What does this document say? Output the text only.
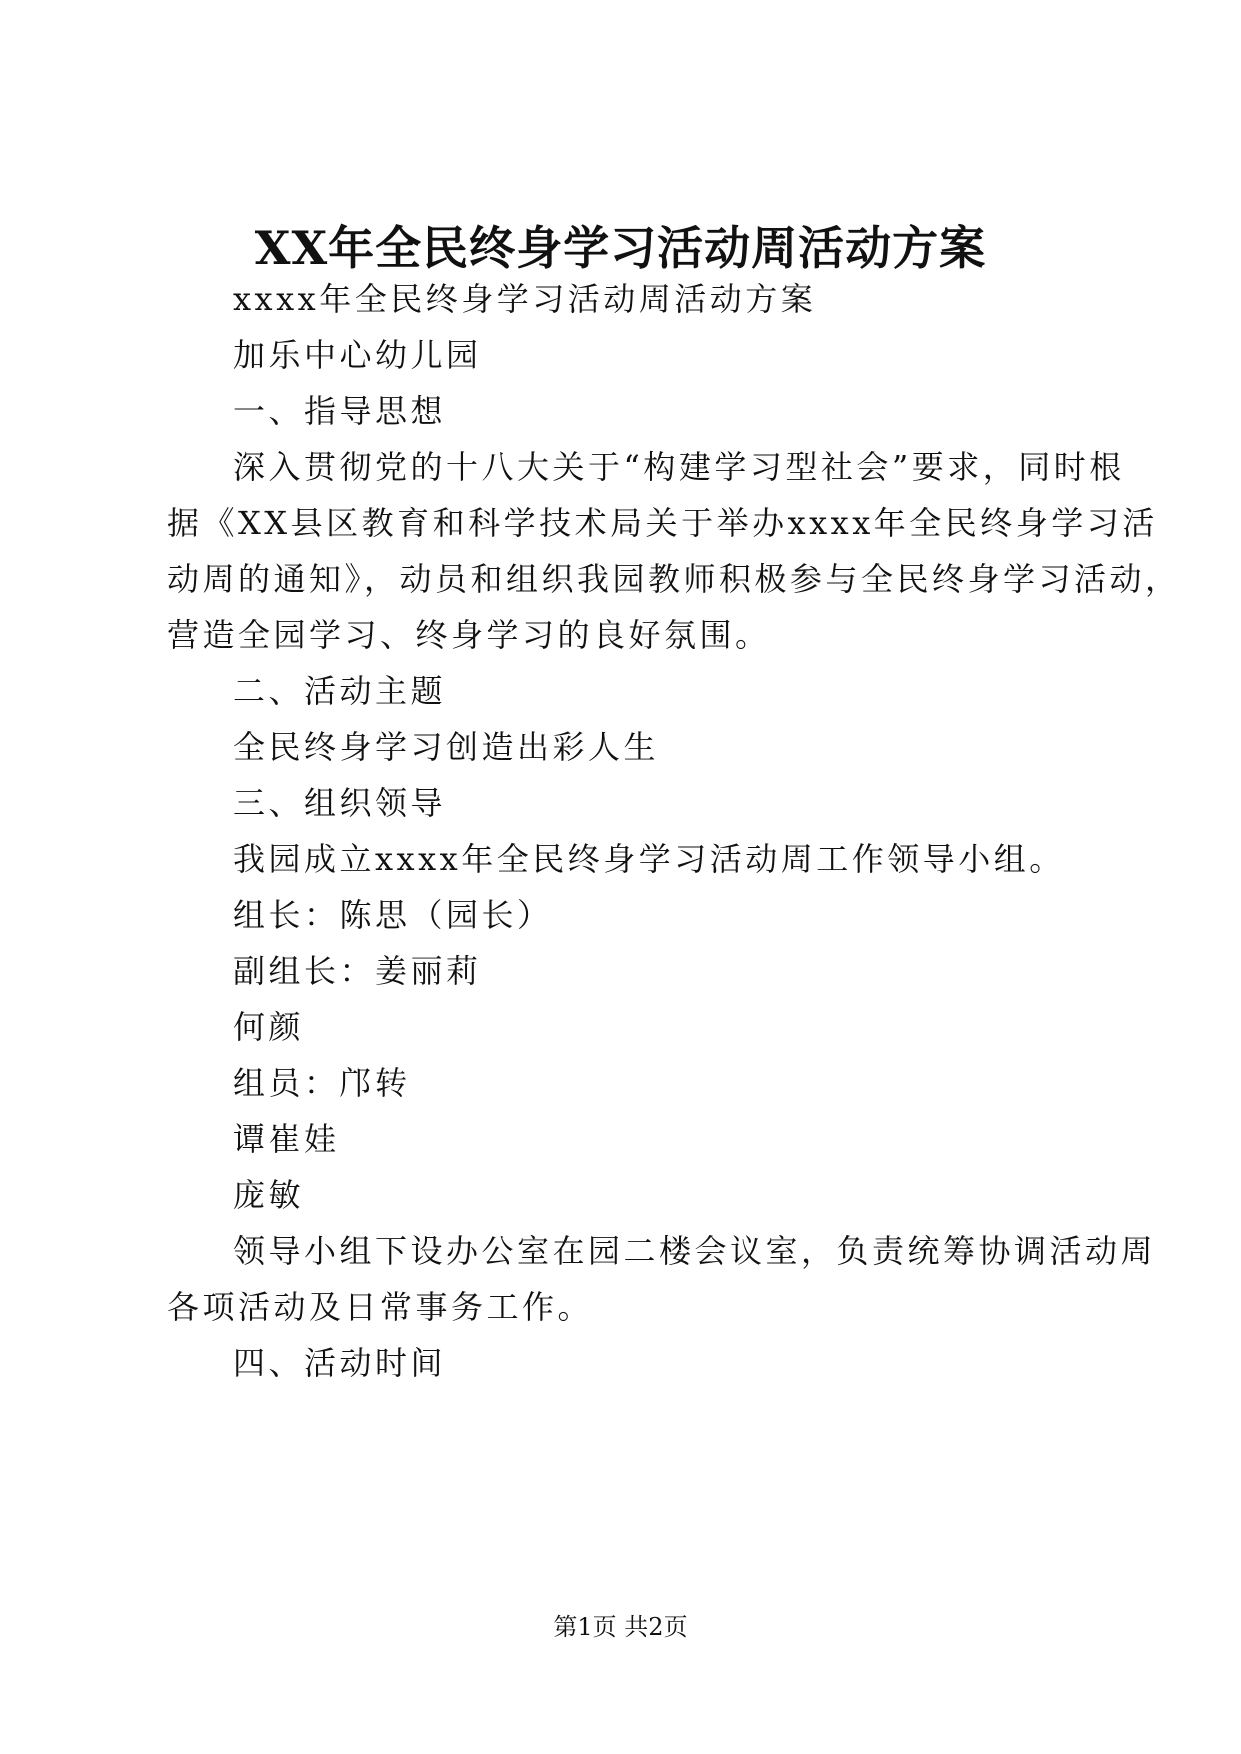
XX年全民终身学习活动周活动方案
xxxx年全民终身学习活动周活动方案
加乐中心幼儿园
一、指导思想
深入贯彻党的十八大关于“构建学习型社会”要求，同时根
据《XX县区教育和科学技术局关于举办xxxx年全民终身学习活
动周的通知》，动员和组织我园教师积极参与全民终身学习活动，
营造全园学习、终身学习的良好氛围。
二、活动主题
全民终身学习创造出彩人生
三、组织领导
我园成立xxxx年全民终身学习活动周工作领导小组。
组长：陈思（园长）
副组长：姜丽莉
何颜
组员：邝转
谭崔娃
庞敏
领导小组下设办公室在园二楼会议室，负责统筹协调活动周
各项活动及日常事务工作。
四、活动时间
第1页 共2页
